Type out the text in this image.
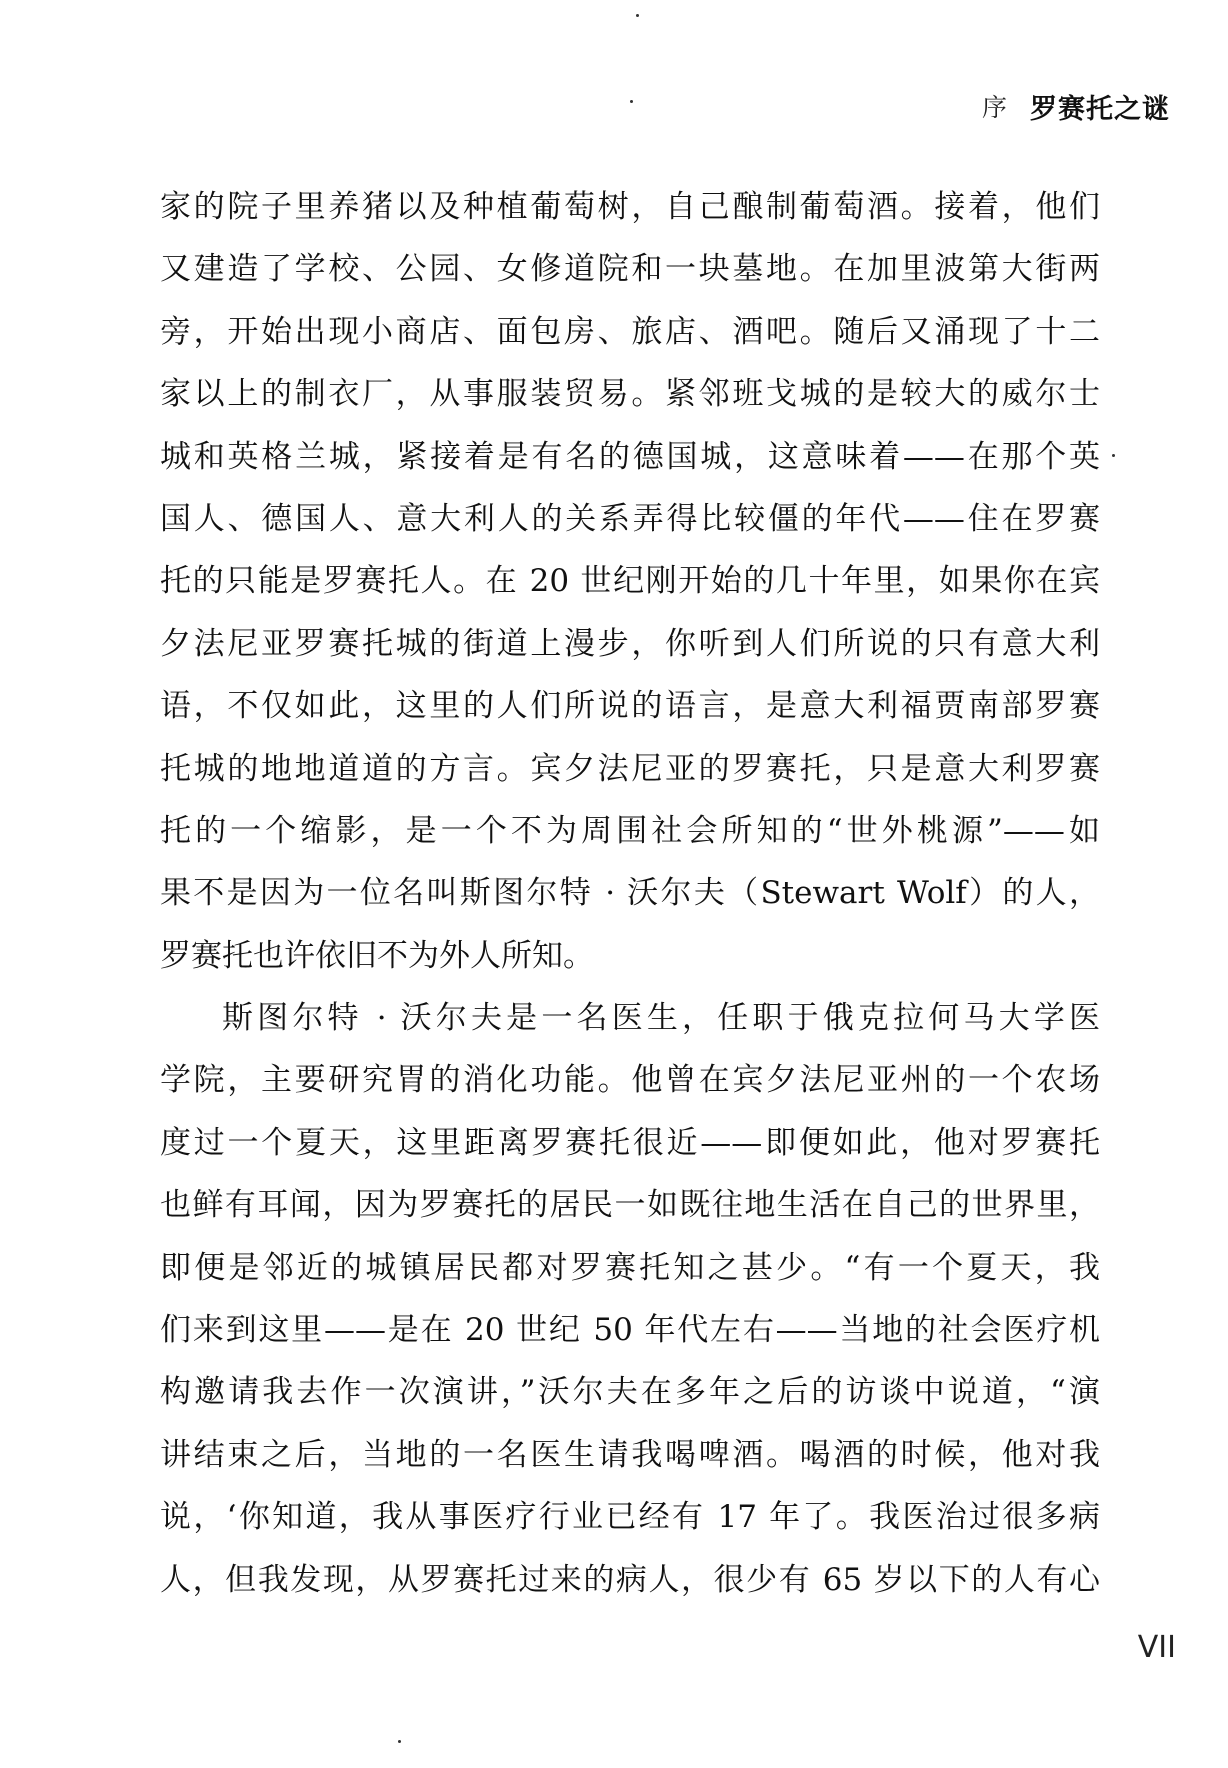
序 罗赛托之谜
家的院子里养猪以及种植葡萄树，自己酿制葡萄酒。接着，他们
又建造了学校、公园、女修道院和一块墓地。在加里波第大街两
旁，开始出现小商店、面包房、旅店、酒吧。随后又涌现了十二
家以上的制衣厂，从事服装贸易。紧邻班戈城的是较大的威尔士
城和英格兰城，紧接着是有名的德国城，这意味着——在那个英
国人、德国人、意大利人的关系弄得比较僵的年代——住在罗赛
托的只能是罗赛托人。在 20 世纪刚开始的几十年里，如果你在宾
夕法尼亚罗赛托城的街道上漫步，你听到人们所说的只有意大利
语，不仅如此，这里的人们所说的语言，是意大利福贾南部罗赛
托城的地地道道的方言。宾夕法尼亚的罗赛托，只是意大利罗赛
托的一个缩影，是一个不为周围社会所知的“世外桃源”——如
果不是因为一位名叫斯图尔特 · 沃尔夫（Stewart Wolf）的人，
罗赛托也许依旧不为外人所知。
斯图尔特 · 沃尔夫是一名医生，任职于俄克拉何马大学医
学院，主要研究胃的消化功能。他曾在宾夕法尼亚州的一个农场
度过一个夏天，这里距离罗赛托很近——即便如此，他对罗赛托
也鲜有耳闻，因为罗赛托的居民一如既往地生活在自己的世界里，
即便是邻近的城镇居民都对罗赛托知之甚少。“有一个夏天，我
们来到这里——是在 20 世纪 50 年代左右——当地的社会医疗机
构邀请我去作一次演讲，”沃尔夫在多年之后的访谈中说道，“演
讲结束之后，当地的一名医生请我喝啤酒。喝酒的时候，他对我
说，‘你知道，我从事医疗行业已经有 17 年了。我医治过很多病
人，但我发现，从罗赛托过来的病人，很少有 65 岁以下的人有心
VII
